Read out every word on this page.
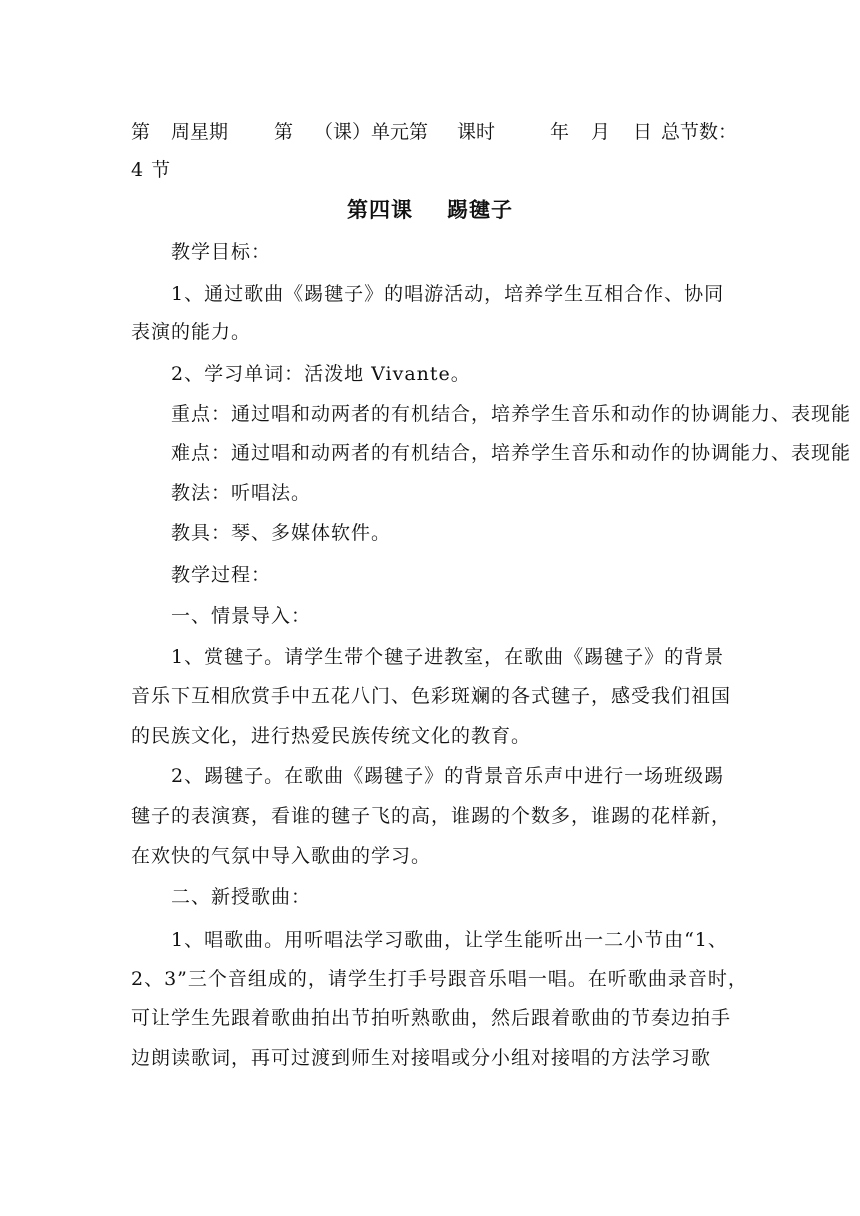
第 周星期 第 （课）单元第 课时	年 月 日 总节数：
4 节
第四课 踢毽子
教学目标：
1、通过歌曲《踢毽子》的唱游活动，培养学生互相合作、协同
表演的能力。
2、学习单词：活泼地 Vivante。
重点：通过唱和动两者的有机结合，培养学生音乐和动作的协调能力、表现能
难点：通过唱和动两者的有机结合，培养学生音乐和动作的协调能力、表现能
教法：听唱法。
教具：琴、多媒体软件。
教学过程：
一、情景导入：
1、赏毽子。请学生带个毽子进教室，在歌曲《踢毽子》的背景
音乐下互相欣赏手中五花八门、色彩斑斓的各式毽子，感受我们祖国
的民族文化，进行热爱民族传统文化的教育。
2、踢毽子。在歌曲《踢毽子》的背景音乐声中进行一场班级踢
毽子的表演赛，看谁的毽子飞的高，谁踢的个数多，谁踢的花样新，
在欢快的气氛中导入歌曲的学习。
二、新授歌曲：
1、唱歌曲。用听唱法学习歌曲，让学生能听出一二小节由“1、
2、3”三个音组成的，请学生打手号跟音乐唱一唱。在听歌曲录音时，
可让学生先跟着歌曲拍出节拍听熟歌曲，然后跟着歌曲的节奏边拍手
边朗读歌词，再可过渡到师生对接唱或分小组对接唱的方法学习歌
